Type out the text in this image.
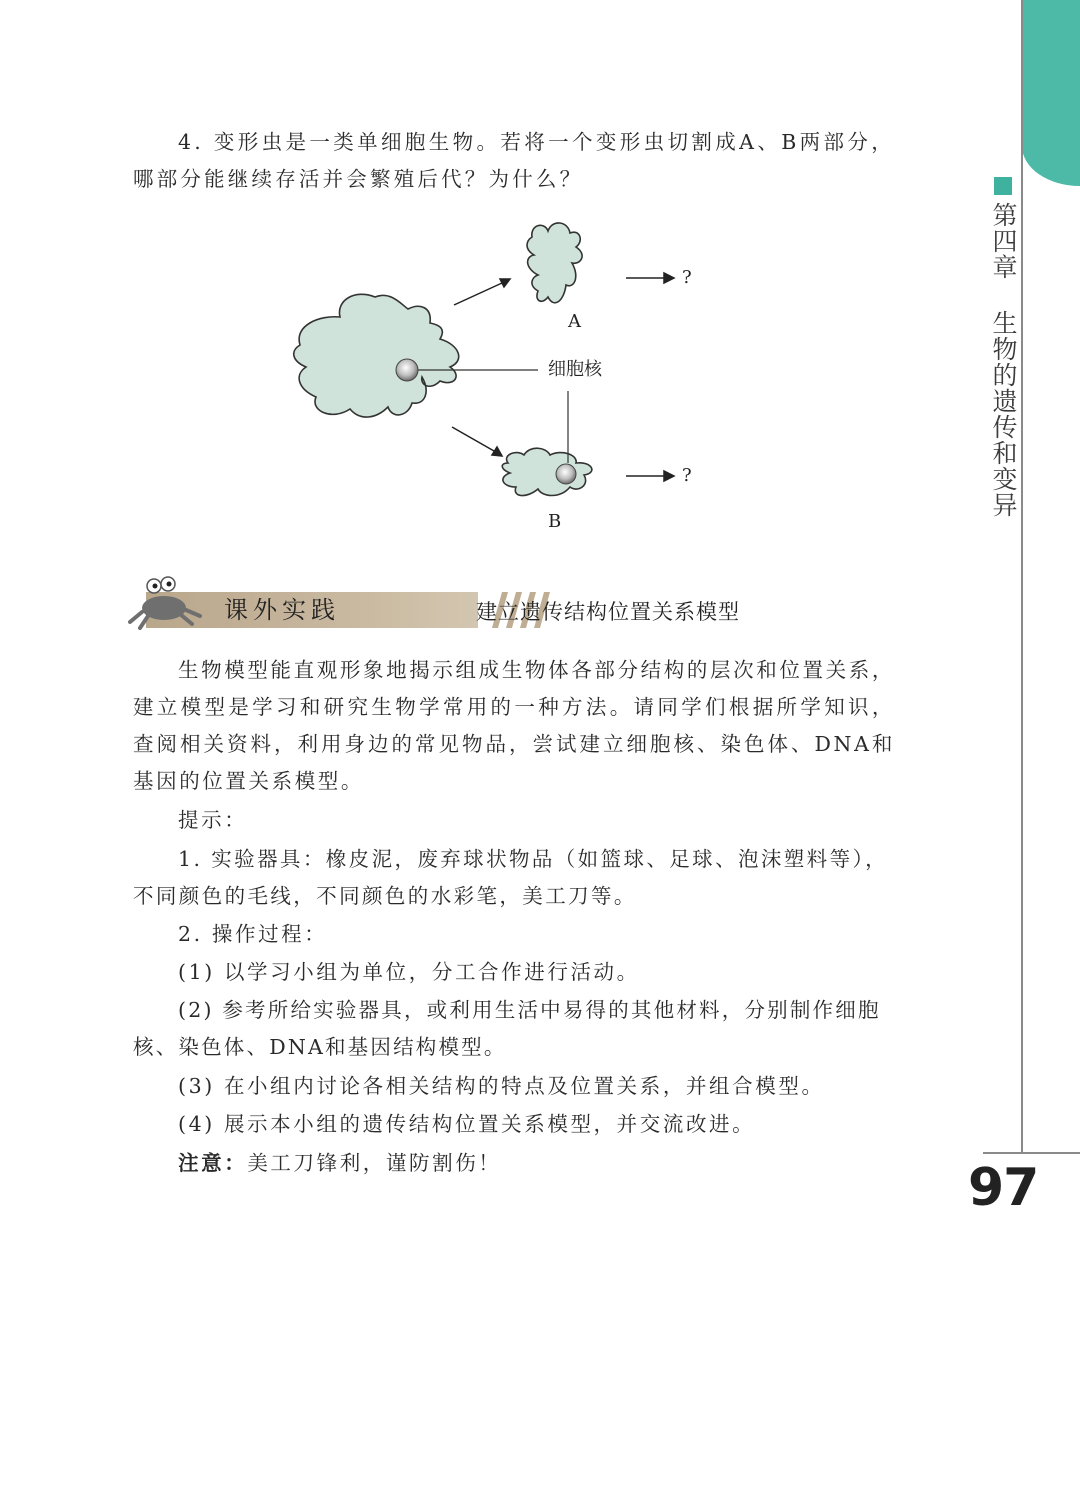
第四章 生物的遗传和变异
97

4. 变形虫是一类单细胞生物。若将一个变形虫切割成A、B两部分，哪部分能继续存活并会繁殖后代？为什么？

A
B
细胞核
?
?
课外实践	建立遗传结构位置关系模型

生物模型能直观形象地揭示组成生物体各部分结构的层次和位置关系，建立模型是学习和研究生物学常用的一种方法。请同学们根据所学知识，查阅相关资料，利用身边的常见物品，尝试建立细胞核、染色体、DNA和基因的位置关系模型。

提示：

1. 实验器具：橡皮泥，废弃球状物品（如篮球、足球、泡沫塑料等），不同颜色的毛线，不同颜色的水彩笔，美工刀等。

2. 操作过程：

(1) 以学习小组为单位，分工合作进行活动。

(2) 参考所给实验器具，或利用生活中易得的其他材料，分别制作细胞核、染色体、DNA和基因结构模型。

(3) 在小组内讨论各相关结构的特点及位置关系，并组合模型。

(4) 展示本小组的遗传结构位置关系模型，并交流改进。

注意：美工刀锋利，谨防割伤！
